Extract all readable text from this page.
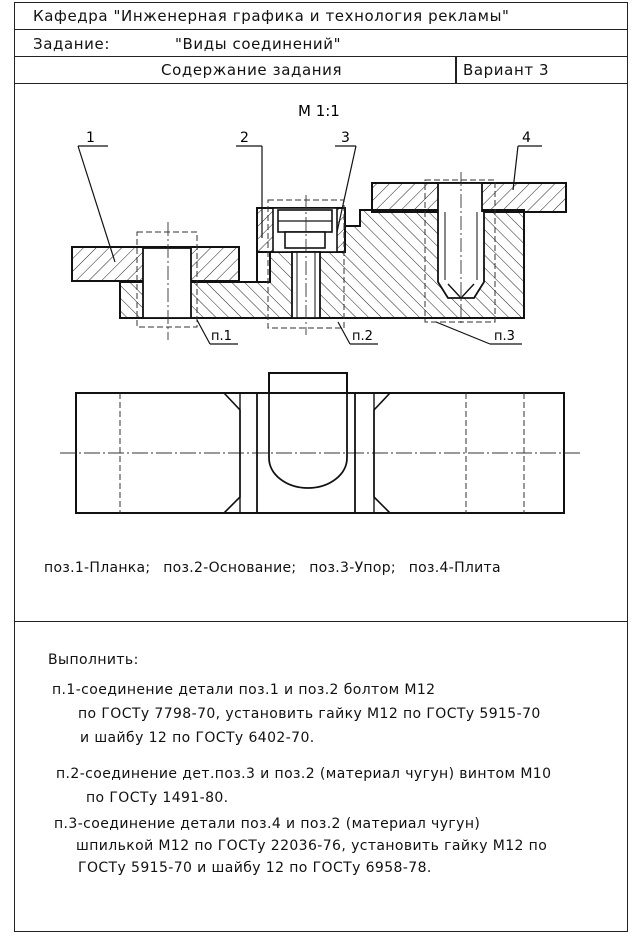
Кафедра "Инженерная графика и технология рекламы"
Задание:	"Виды соединений"
Содержание задания	Вариант 3
М 1:1
1	2	3	4
п.1	п.2	п.3
поз.1-Планка; поз.2-Основание; поз.3-Упор; поз.4-Плита
Выполнить:
п.1-соединение детали поз.1 и поз.2 болтом М12
по ГОСТу 7798-70, установить гайку М12 по ГОСТу 5915-70
и шайбу 12 по ГОСТу 6402-70.
п.2-соединение дет.поз.3 и поз.2 (материал чугун) винтом М10
по ГОСТу 1491-80.
п.3-соединение детали поз.4 и поз.2 (материал чугун)
шпилькой М12 по ГОСТу 22036-76, установить гайку М12 по
ГОСТу 5915-70 и шайбу 12 по ГОСТу 6958-78.
